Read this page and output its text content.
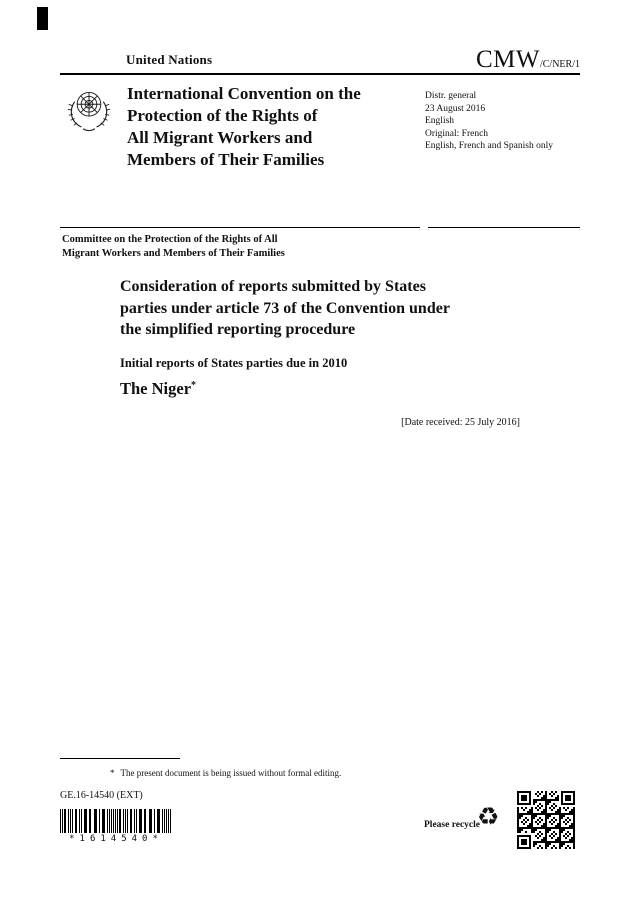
United Nations	CMW/C/NER/1
International Convention on the
Protection of the Rights of
All Migrant Workers and
Members of Their Families
Distr. general
23 August 2016
English
Original: French
English, French and Spanish only
Committee on the Protection of the Rights of All
Migrant Workers and Members of Their Families
Consideration of reports submitted by States
parties under article 73 of the Convention under
the simplified reporting procedure
Initial reports of States parties due in 2010
The Niger*
[Date received: 25 July 2016]
* The present document is being issued without formal editing.
GE.16-14540 (EXT)
*1614540*
Please recycle
♻
